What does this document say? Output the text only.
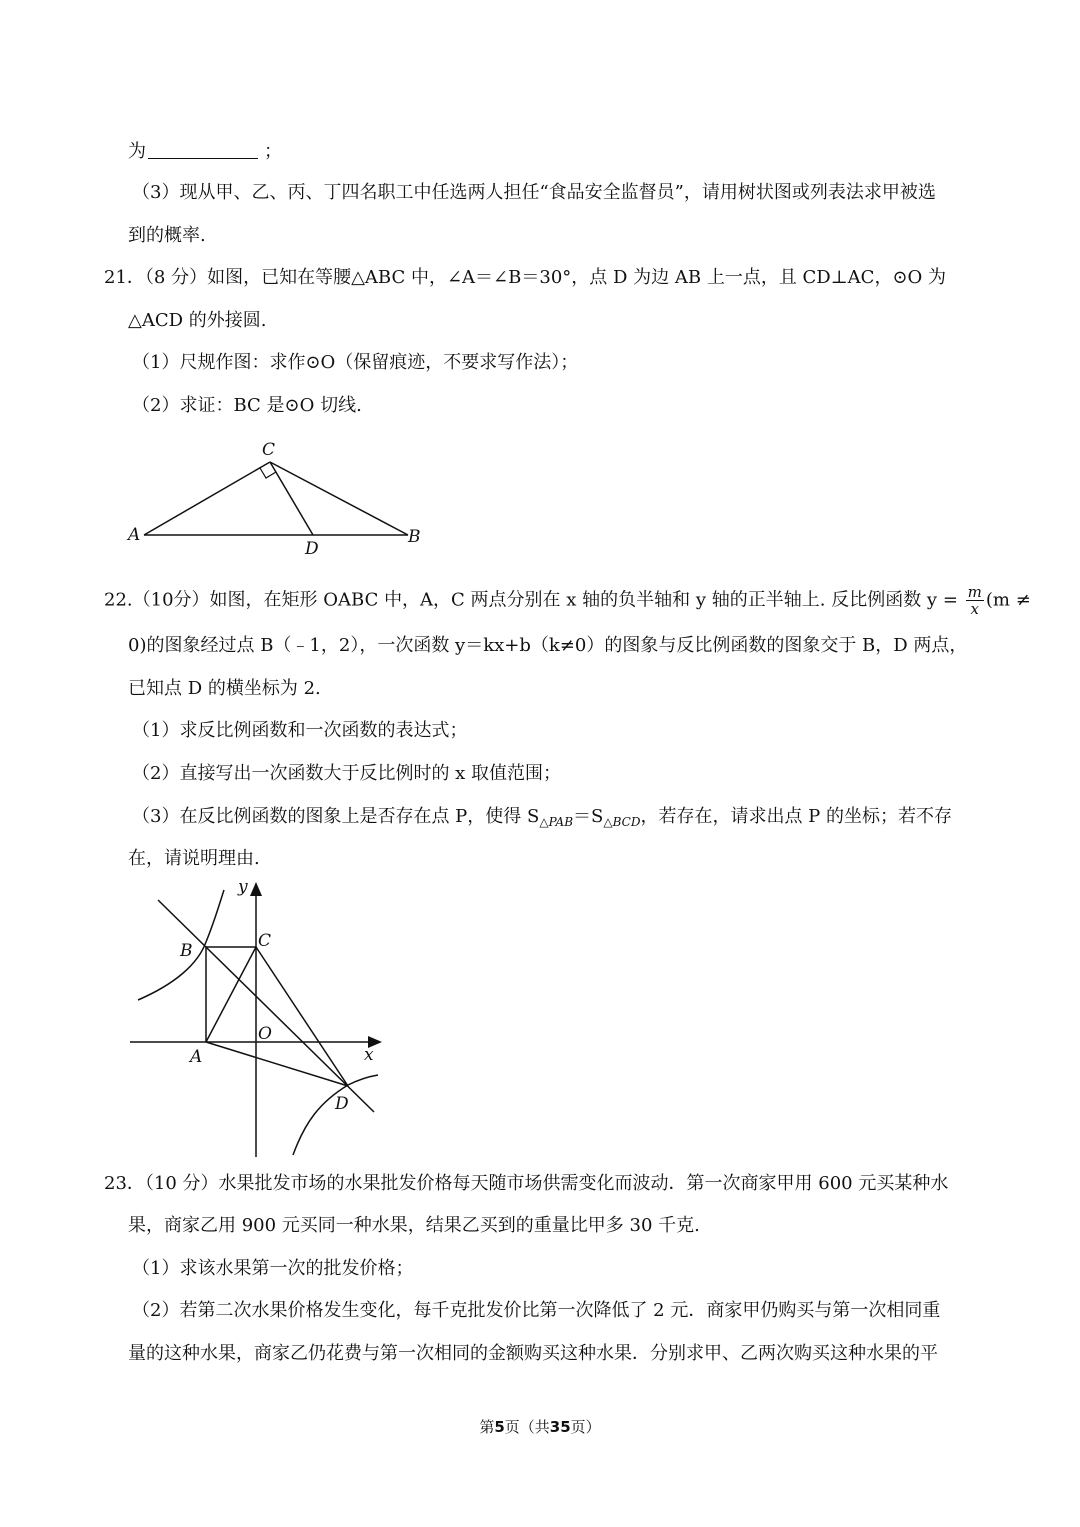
为	；
（3）现从甲、乙、丙、丁四名职工中任选两人担任“食品安全监督员”，请用树状图或列表法求甲被选
到的概率.
21．（8 分）如图，已知在等腰△ABC 中，∠A＝∠B＝30°，点 D 为边 AB 上一点，且 CD⊥AC，⊙O 为
△ACD 的外接圆.
（1）尺规作图：求作⊙O（保留痕迹，不要求写作法）；
（2）求证：BC 是⊙O 切线.
C
A
D
B
22.（10分）如图，在矩形 OABC 中，A，C 两点分别在 x 轴的负半轴和 y 轴的正半轴上. 反比例函数 $y = \frac{m}{x} (m$ ≠
0)的图象经过点 B（﹣1，2），一次函数 y＝kx+b（k≠0）的图象与反比例函数的图象交于 B，D 两点，
已知点 D 的横坐标为 2.
（1）求反比例函数和一次函数的表达式；
（2）直接写出一次函数大于反比例时的 x 取值范围；
（3）在反比例函数的图象上是否存在点 P，使得 $S_{\triangle PAB}=S_{\triangle BCD}$，若存在，请求出点 P 的坐标；若不存
在，请说明理由.
y
x
O
A
B	C
D
23．（10 分）水果批发市场的水果批发价格每天随市场供需变化而波动．第一次商家甲用 600 元买某种水
果，商家乙用 900 元买同一种水果，结果乙买到的重量比甲多 30 千克.
（1）求该水果第一次的批发价格；
（2）若第二次水果价格发生变化，每千克批发价比第一次降低了 2 元．商家甲仍购买与第一次相同重
量的这种水果，商家乙仍花费与第一次相同的金额购买这种水果．分别求甲、乙两次购买这种水果的平
第5页（共35页）
